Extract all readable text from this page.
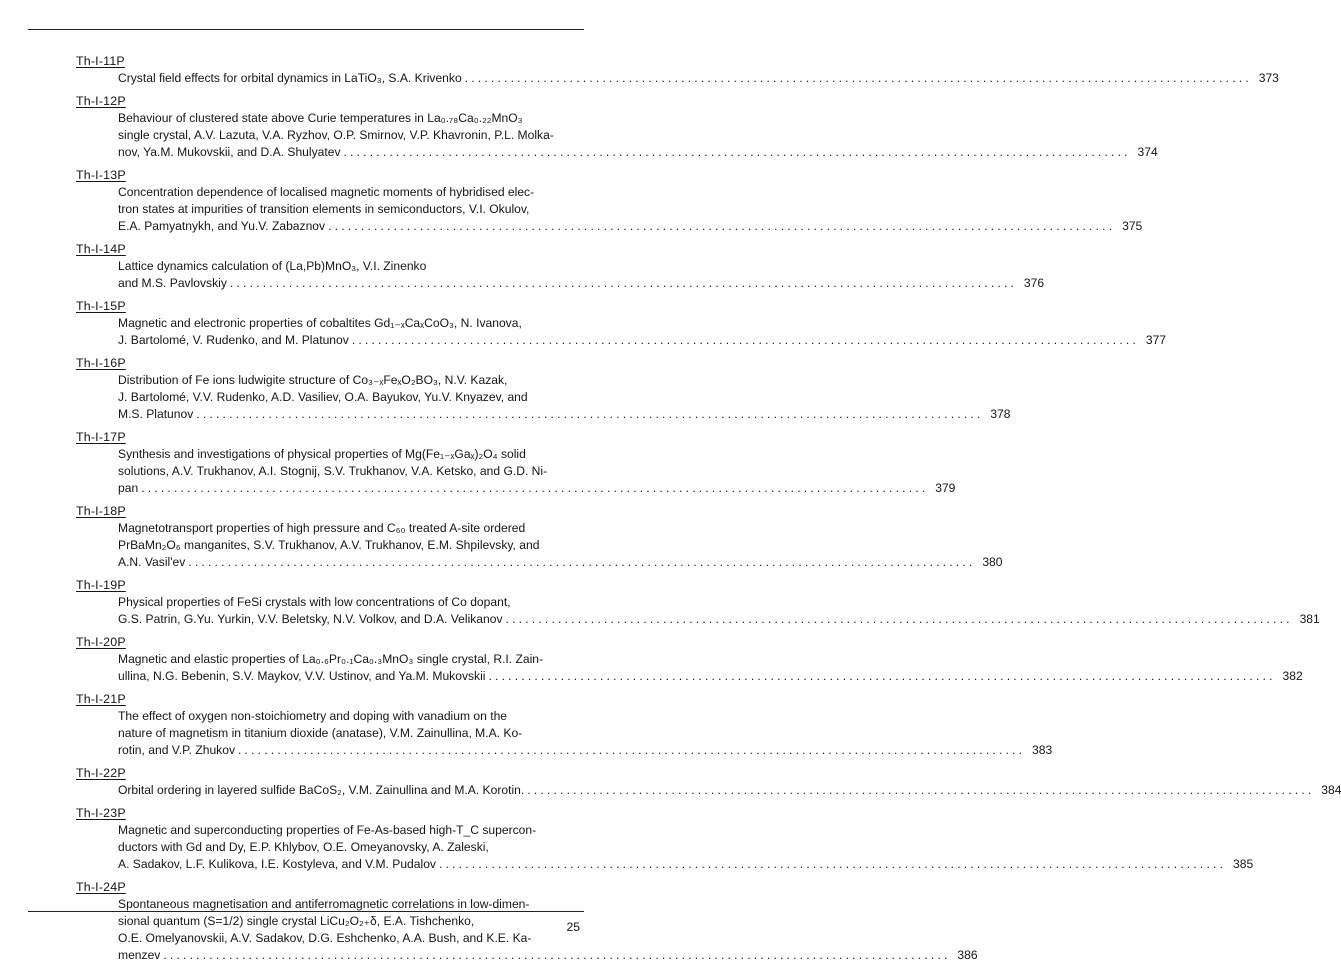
Th-I-11P
Crystal field effects for orbital dynamics in LaTiO₃, S.A. Krivenko ........................................................................................................................ 373
Th-I-12P
Behaviour of clustered state above Curie temperatures in La₀.₇₈Ca₀.₂₂MnO₃
single crystal, A.V. Lazuta, V.A. Ryzhov, O.P. Smirnov, V.P. Khavronin, P.L. Molka-
nov, Ya.M. Mukovskii, and D.A. Shulyatev ........................................................................................................................ 374
Th-I-13P
Concentration dependence of localised magnetic moments of hybridised elec-
tron states at impurities of transition elements in semiconductors, V.I. Okulov,
E.A. Pamyatnykh, and Yu.V. Zabaznov ........................................................................................................................ 375
Th-I-14P
Lattice dynamics calculation of (La,Pb)MnO₃, V.I. Zinenko
and M.S. Pavlovskiy ........................................................................................................................ 376
Th-I-15P
Magnetic and electronic properties of cobaltites Gd₁₋ₓCaₓCoO₃, N. Ivanova,
J. Bartolomé, V. Rudenko, and M. Platunov ........................................................................................................................ 377
Th-I-16P
Distribution of Fe ions ludwigite structure of Co₃₋ₓFeₓO₂BO₃, N.V. Kazak,
J. Bartolomé, V.V. Rudenko, A.D. Vasiliev, O.A. Bayukov, Yu.V. Knyazev, and
M.S. Platunov ........................................................................................................................ 378
Th-I-17P
Synthesis and investigations of physical properties of Mg(Fe₁₋ₓGaₓ)₂O₄ solid
solutions, A.V. Trukhanov, A.I. Stognij, S.V. Trukhanov, V.A. Ketsko, and G.D. Ni-
pan ........................................................................................................................ 379
Th-I-18P
Magnetotransport properties of high pressure and C₆₀ treated A-site ordered
PrBaMn₂O₆ manganites, S.V. Trukhanov, A.V. Trukhanov, E.M. Shpilevsky, and
A.N. Vasil'ev ........................................................................................................................ 380
Th-I-19P
Physical properties of FeSi crystals with low concentrations of Co dopant,
G.S. Patrin, G.Yu. Yurkin, V.V. Beletsky, N.V. Volkov, and D.A. Velikanov ........................................................................................................................ 381
Th-I-20P
Magnetic and elastic properties of La₀.₆Pr₀.₁Ca₀.₃MnO₃ single crystal, R.I. Zain-
ullina, N.G. Bebenin, S.V. Maykov, V.V. Ustinov, and Ya.M. Mukovskii ........................................................................................................................ 382
Th-I-21P
The effect of oxygen non-stoichiometry and doping with vanadium on the
nature of magnetism in titanium dioxide (anatase), V.M. Zainullina, M.A. Ko-
rotin, and V.P. Zhukov ........................................................................................................................ 383
Th-I-22P
Orbital ordering in layered sulfide BaCoS₂, V.M. Zainullina and M.A. Korotin. ........................................................................................................................ 384
Th-I-23P
Magnetic and superconducting properties of Fe-As-based high-T_C supercon-
ductors with Gd and Dy, E.P. Khlybov, O.E. Omeyanovsky, A. Zaleski,
A. Sadakov, L.F. Kulikova, I.E. Kostyleva, and V.M. Pudalov ........................................................................................................................ 385
Th-I-24P
Spontaneous magnetisation and antiferromagnetic correlations in low-dimen-
sional quantum (S=1/2) single crystal LiCu₂O₂₊δ, E.A. Tishchenko,
O.E. Omelyanovskii, A.V. Sadakov, D.G. Eshchenko, A.A. Bush, and K.E. Ka-
menzev ........................................................................................................................ 386
25
